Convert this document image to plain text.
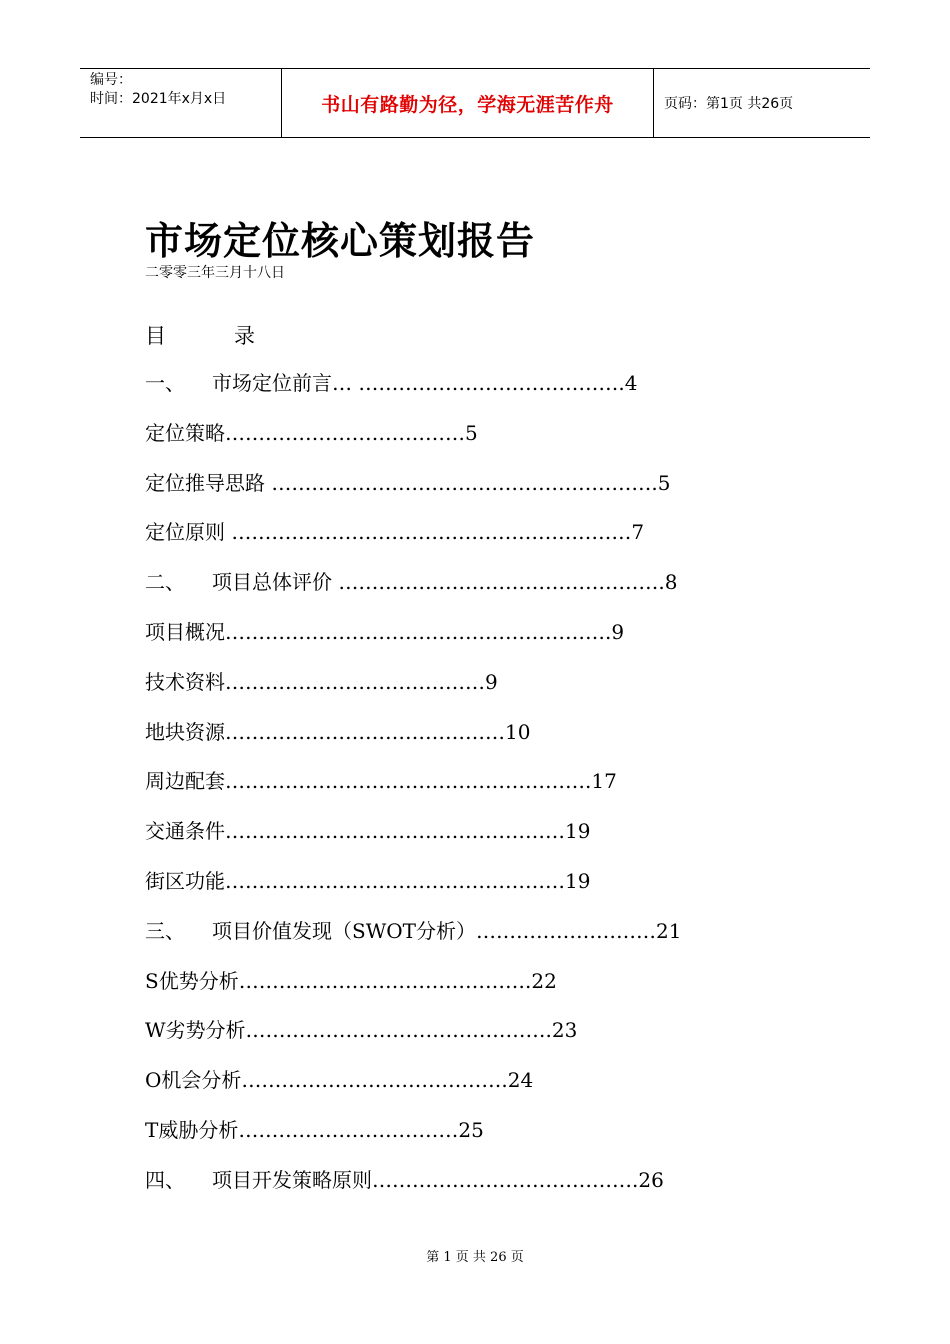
编号：
时间：2021年x月x日	书山有路勤为径，学海无涯苦作舟	页码：第1页 共26页
市场定位核心策划报告
二零零三年三月十八日
目	录
一、 市场定位前言… ………………………………….4
定位策略………………………………5
定位推导思路 ………………………………………………….5
定位原则 ……………………………………………………7
二、 项目总体评价 ………………………………………….8
项目概况………………………………………………….9
技术资料…………………………………9
地块资源……………………………………10
周边配套……………………………………………….17
交通条件……………………………………………19
街区功能……………………………………………19
三、 项目价值发现（SWOT分析）………………………21
S优势分析……….…………………………….22
W劣势分析……………………………………….23
O机会分析………………………………….24
T威胁分析……………………………25
四、 项目开发策略原则………………………………….26
第 1 页 共 26 页
